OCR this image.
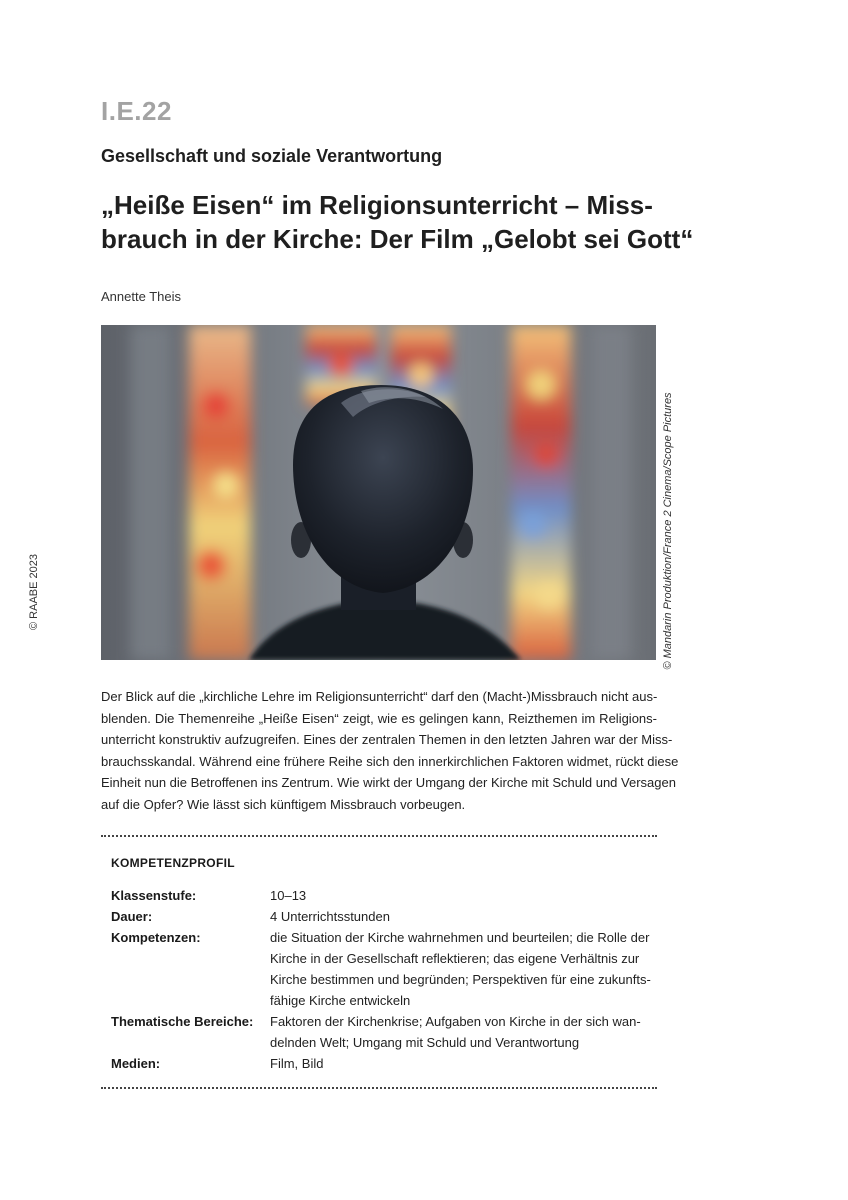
I.E.22
Gesellschaft und soziale Verantwortung
„Heiße Eisen“ im Religionsunterricht – Miss-
brauch in der Kirche: Der Film „Gelobt sei Gott“
Annette Theis
© RAABE 2023	© Mandarin Produktion/France 2 Cinema/Scope Pictures

Der Blick auf die „kirchliche Lehre im Religionsunterricht“ darf den (Macht-)Missbrauch nicht aus-
blenden. Die Themenreihe „Heiße Eisen“ zeigt, wie es gelingen kann, Reizthemen im Religions-
unterricht konstruktiv aufzugreifen. Eines der zentralen Themen in den letzten Jahren war der Miss-
brauchsskandal. Während eine frühere Reihe sich den innerkirchlichen Faktoren widmet, rückt diese
Einheit nun die Betroffenen ins Zentrum. Wie wirkt der Umgang der Kirche mit Schuld und Versagen
auf die Opfer? Wie lässt sich künftigem Missbrauch vorbeugen.

KOMPETENZPROFIL
Klassenstufe:	10–13
Dauer:	4 Unterrichtsstunden
Kompetenzen:	die Situation der Kirche wahrnehmen und beurteilen; die Rolle der
Kirche in der Gesellschaft reflektieren; das eigene Verhältnis zur
Kirche bestimmen und begründen; Perspektiven für eine zukunfts-
fähige Kirche entwickeln
Thematische Bereiche:	Faktoren der Kirchenkrise; Aufgaben von Kirche in der sich wan-
delnden Welt; Umgang mit Schuld und Verantwortung
Medien:	Film, Bild
